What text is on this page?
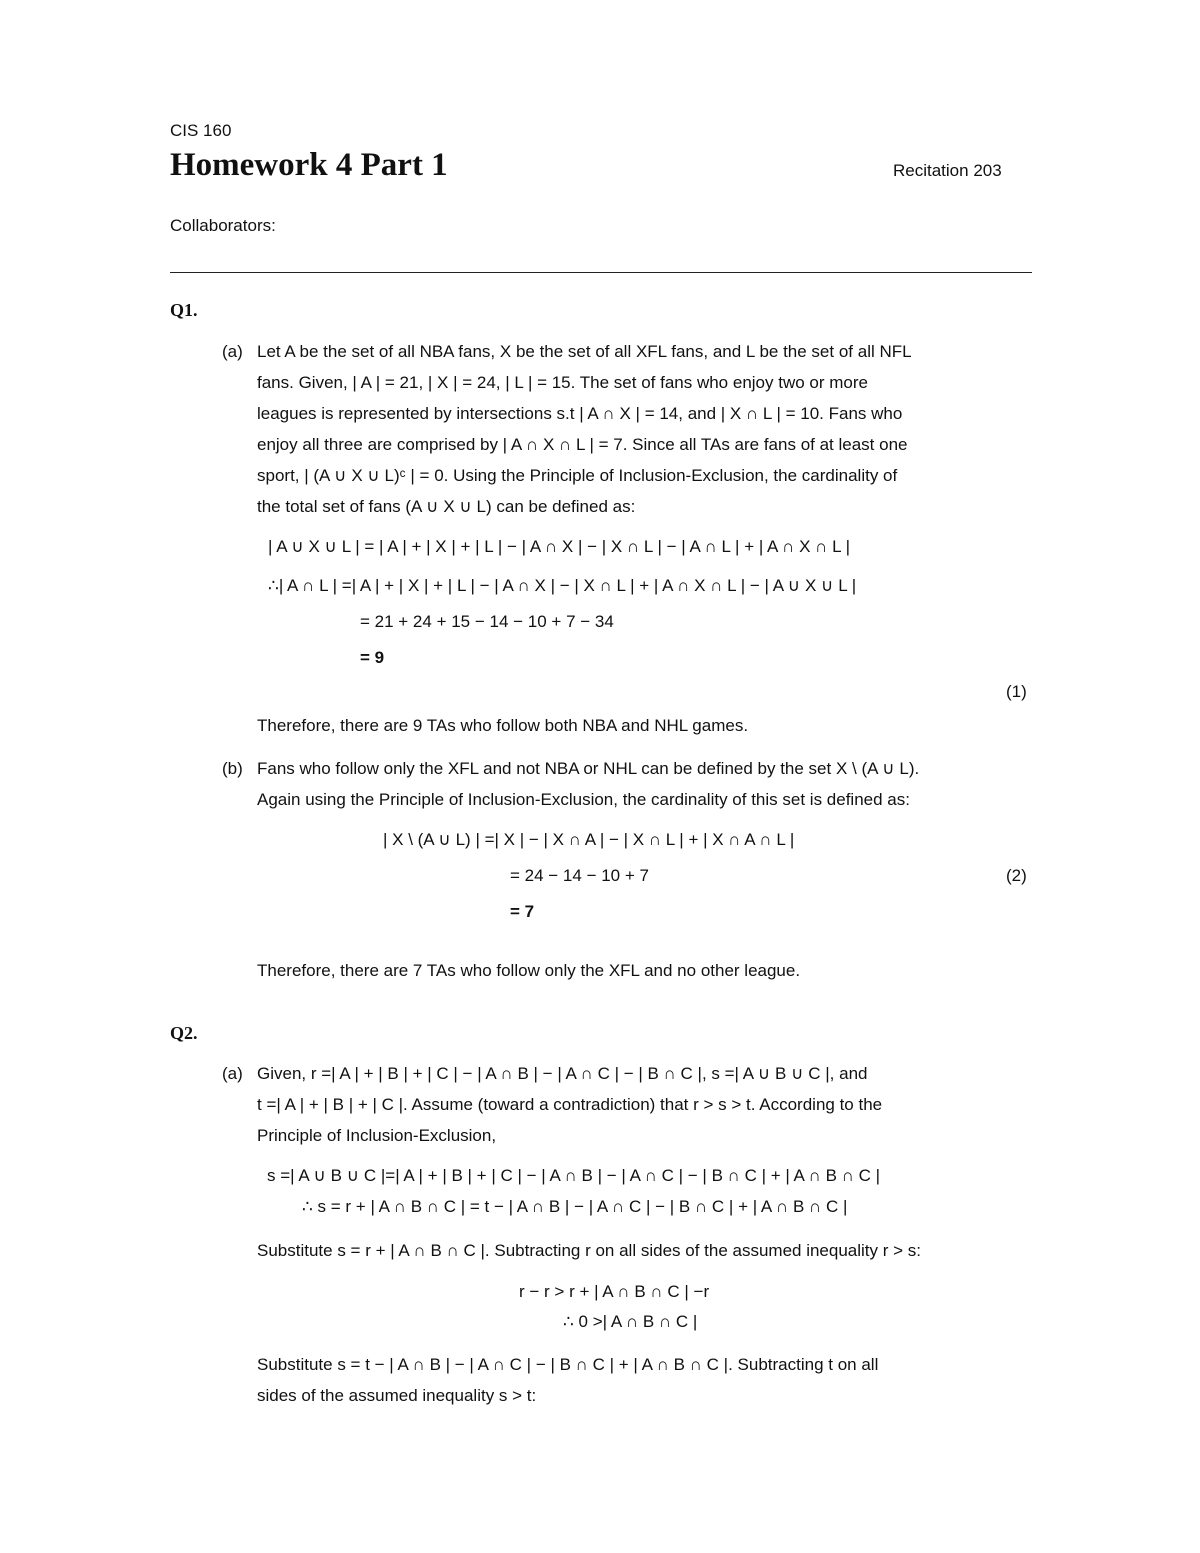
CIS 160
Homework 4 Part 1	Recitation 203
Collaborators:
Q1.
(a) Let A be the set of all NBA fans, X be the set of all XFL fans, and L be the set of all NFL
fans. Given, | A | = 21, | X | = 24, | L | = 15. The set of fans who enjoy two or more
leagues is represented by intersections s.t | A ∩ X | = 14, and | X ∩ L | = 10. Fans who
enjoy all three are comprised by | A ∩ X ∩ L | = 7. Since all TAs are fans of at least one
sport, | (A ∪ X ∪ L)ᶜ | = 0. Using the Principle of Inclusion-Exclusion, the cardinality of
the total set of fans (A ∪ X ∪ L) can be defined as:
| A ∪ X ∪ L | = | A | + | X | + | L | − | A ∩ X | − | X ∩ L | − | A ∩ L | + | A ∩ X ∩ L |
∴| A ∩ L | =| A | + | X | + | L | − | A ∩ X | − | X ∩ L | + | A ∩ X ∩ L | − | A ∪ X ∪ L |
= 21 + 24 + 15 − 14 − 10 + 7 − 34
= 9
(1)
Therefore, there are 9 TAs who follow both NBA and NHL games.
(b) Fans who follow only the XFL and not NBA or NHL can be defined by the set X \ (A ∪ L).
Again using the Principle of Inclusion-Exclusion, the cardinality of this set is defined as:
| X \ (A ∪ L) | =| X | − | X ∩ A | − | X ∩ L | + | X ∩ A ∩ L |
= 24 − 14 − 10 + 7
= 7
(2)
Therefore, there are 7 TAs who follow only the XFL and no other league.
Q2.
(a) Given, r =| A | + | B | + | C | − | A ∩ B | − | A ∩ C | − | B ∩ C |, s =| A ∪ B ∪ C |, and
t =| A | + | B | + | C |. Assume (toward a contradiction) that r > s > t. According to the
Principle of Inclusion-Exclusion,
s =| A ∪ B ∪ C |=| A | + | B | + | C | − | A ∩ B | − | A ∩ C | − | B ∩ C | + | A ∩ B ∩ C |
∴ s = r + | A ∩ B ∩ C | = t − | A ∩ B | − | A ∩ C | − | B ∩ C | + | A ∩ B ∩ C |
Substitute s = r + | A ∩ B ∩ C |. Subtracting r on all sides of the assumed inequality r > s:
r − r > r + | A ∩ B ∩ C | −r
∴ 0 >| A ∩ B ∩ C |
Substitute s = t − | A ∩ B | − | A ∩ C | − | B ∩ C | + | A ∩ B ∩ C |. Subtracting t on all
sides of the assumed inequality s > t:
